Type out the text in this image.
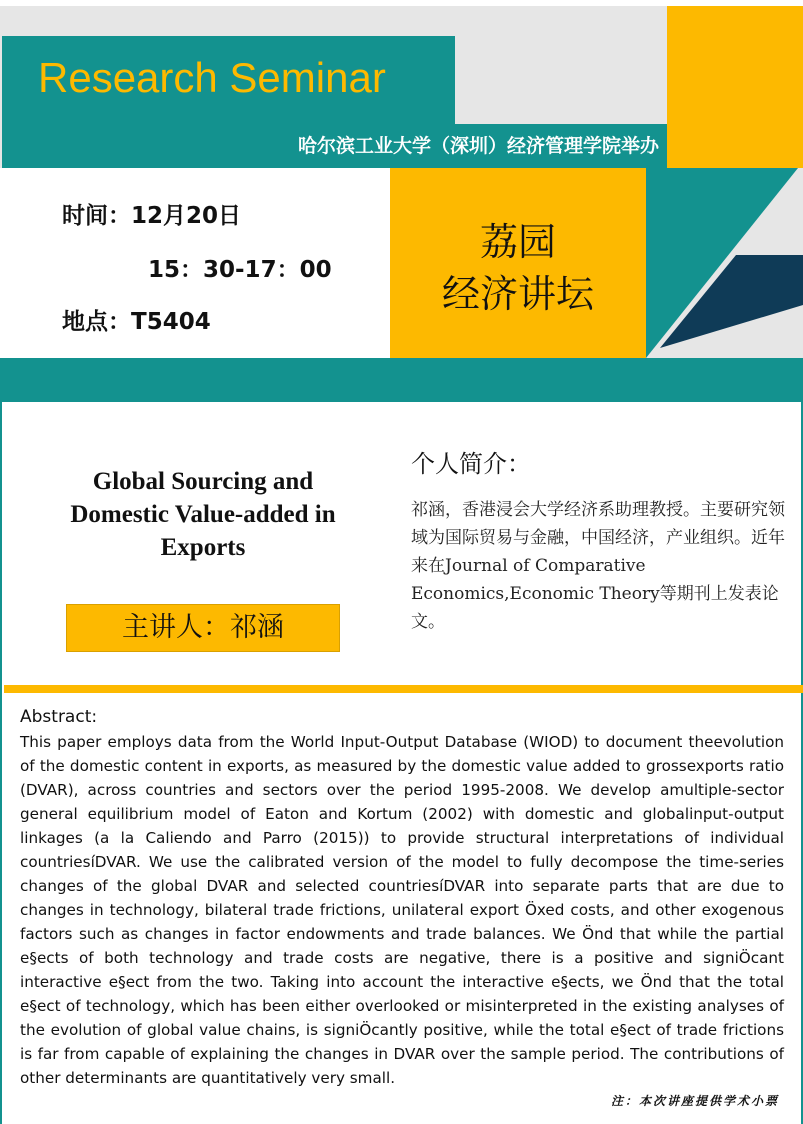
Research Seminar
哈尔滨工业大学（深圳）经济管理学院举办
时间：12月20日
15：30-17：00
地点：T5404
荔园
经济讲坛
Global Sourcing and
Domestic Value-added in
Exports
主讲人：祁涵
个人简介：
祁涵，香港浸会大学经济系助理教授。主要研究领域为国际贸易与金融，中国经济，产业组织。近年来在Journal of Comparative Economics,Economic Theory等期刊上发表论文。
Abstract:
This paper employs data from the World Input-Output Database (WIOD) to document theevolution of the domestic content in exports, as measured by the domestic value added to grossexports ratio (DVAR), across countries and sectors over the period 1995-2008. We develop amultiple-sector general equilibrium model of Eaton and Kortum (2002) with domestic and globalinput-output linkages (a la Caliendo and Parro (2015)) to provide structural interpretations of individual countriesíDVAR. We use the calibrated version of the model to fully decompose the time-series changes of the global DVAR and selected countriesíDVAR into separate parts that are due to changes in technology, bilateral trade frictions, unilateral export Öxed costs, and other exogenous factors such as changes in factor endowments and trade balances. We Önd that while the partial e§ects of both technology and trade costs are negative, there is a positive and signiÖcant interactive e§ect from the two. Taking into account the interactive e§ects, we Önd that the total e§ect of technology, which has been either overlooked or misinterpreted in the existing analyses of the evolution of global value chains, is signiÖcantly positive, while the total e§ect of trade frictions is far from capable of explaining the changes in DVAR over the sample period. The contributions of other determinants are quantitatively very small.
注：本次讲座提供学术小票
